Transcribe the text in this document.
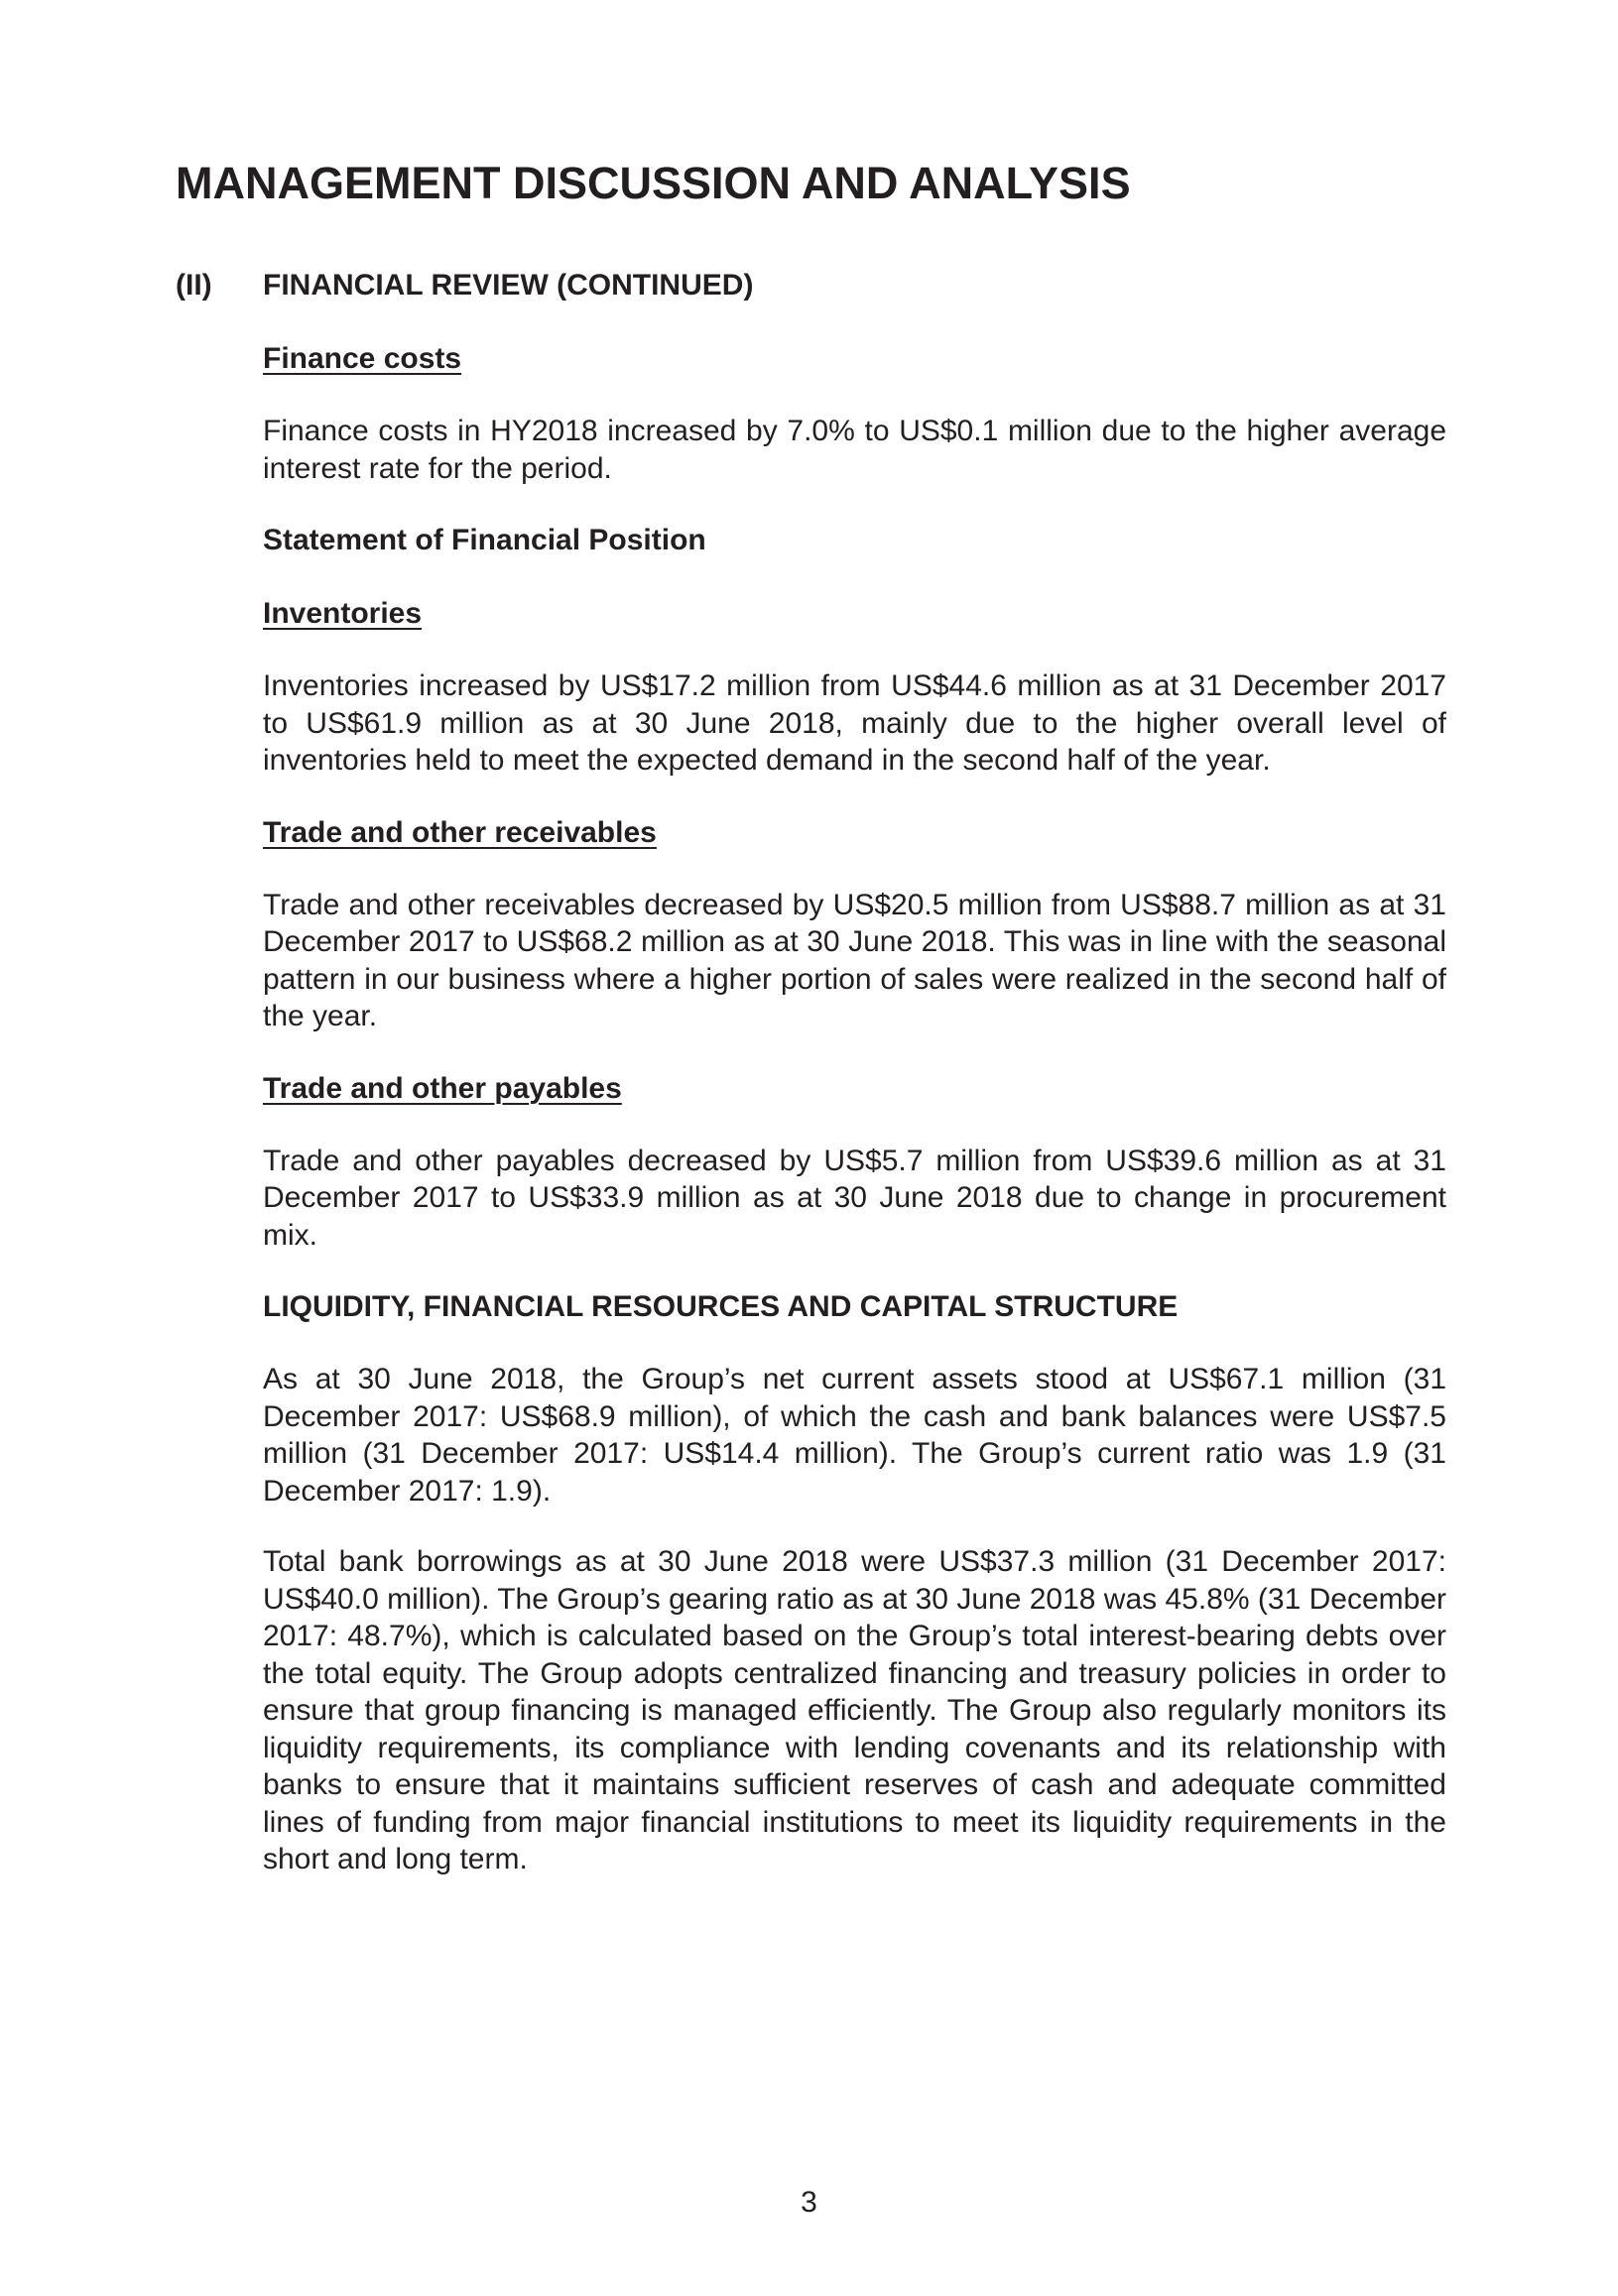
MANAGEMENT DISCUSSION AND ANALYSIS
(II) FINANCIAL REVIEW (CONTINUED)
Finance costs

Finance costs in HY2018 increased by 7.0% to US$0.1 million due to the higher average interest rate for the period.

Statement of Financial Position
Inventories

Inventories increased by US$17.2 million from US$44.6 million as at 31 December 2017 to US$61.9 million as at 30 June 2018, mainly due to the higher overall level of inventories held to meet the expected demand in the second half of the year.

Trade and other receivables

Trade and other receivables decreased by US$20.5 million from US$88.7 million as at 31 December 2017 to US$68.2 million as at 30 June 2018. This was in line with the seasonal pattern in our business where a higher portion of sales were realized in the second half of the year.

Trade and other payables

Trade and other payables decreased by US$5.7 million from US$39.6 million as at 31 December 2017 to US$33.9 million as at 30 June 2018 due to change in procurement mix.

LIQUIDITY, FINANCIAL RESOURCES AND CAPITAL STRUCTURE

As at 30 June 2018, the Group’s net current assets stood at US$67.1 million (31 December 2017: US$68.9 million), of which the cash and bank balances were US$7.5 million (31 December 2017: US$14.4 million). The Group’s current ratio was 1.9 (31 December 2017: 1.9).

Total bank borrowings as at 30 June 2018 were US$37.3 million (31 December 2017: US$40.0 million). The Group’s gearing ratio as at 30 June 2018 was 45.8% (31 December 2017: 48.7%), which is calculated based on the Group’s total interest-bearing debts over the total equity. The Group adopts centralized financing and treasury policies in order to ensure that group financing is managed efficiently. The Group also regularly monitors its liquidity requirements, its compliance with lending covenants and its relationship with banks to ensure that it maintains sufficient reserves of cash and adequate committed lines of funding from major financial institutions to meet its liquidity requirements in the short and long term.

3
